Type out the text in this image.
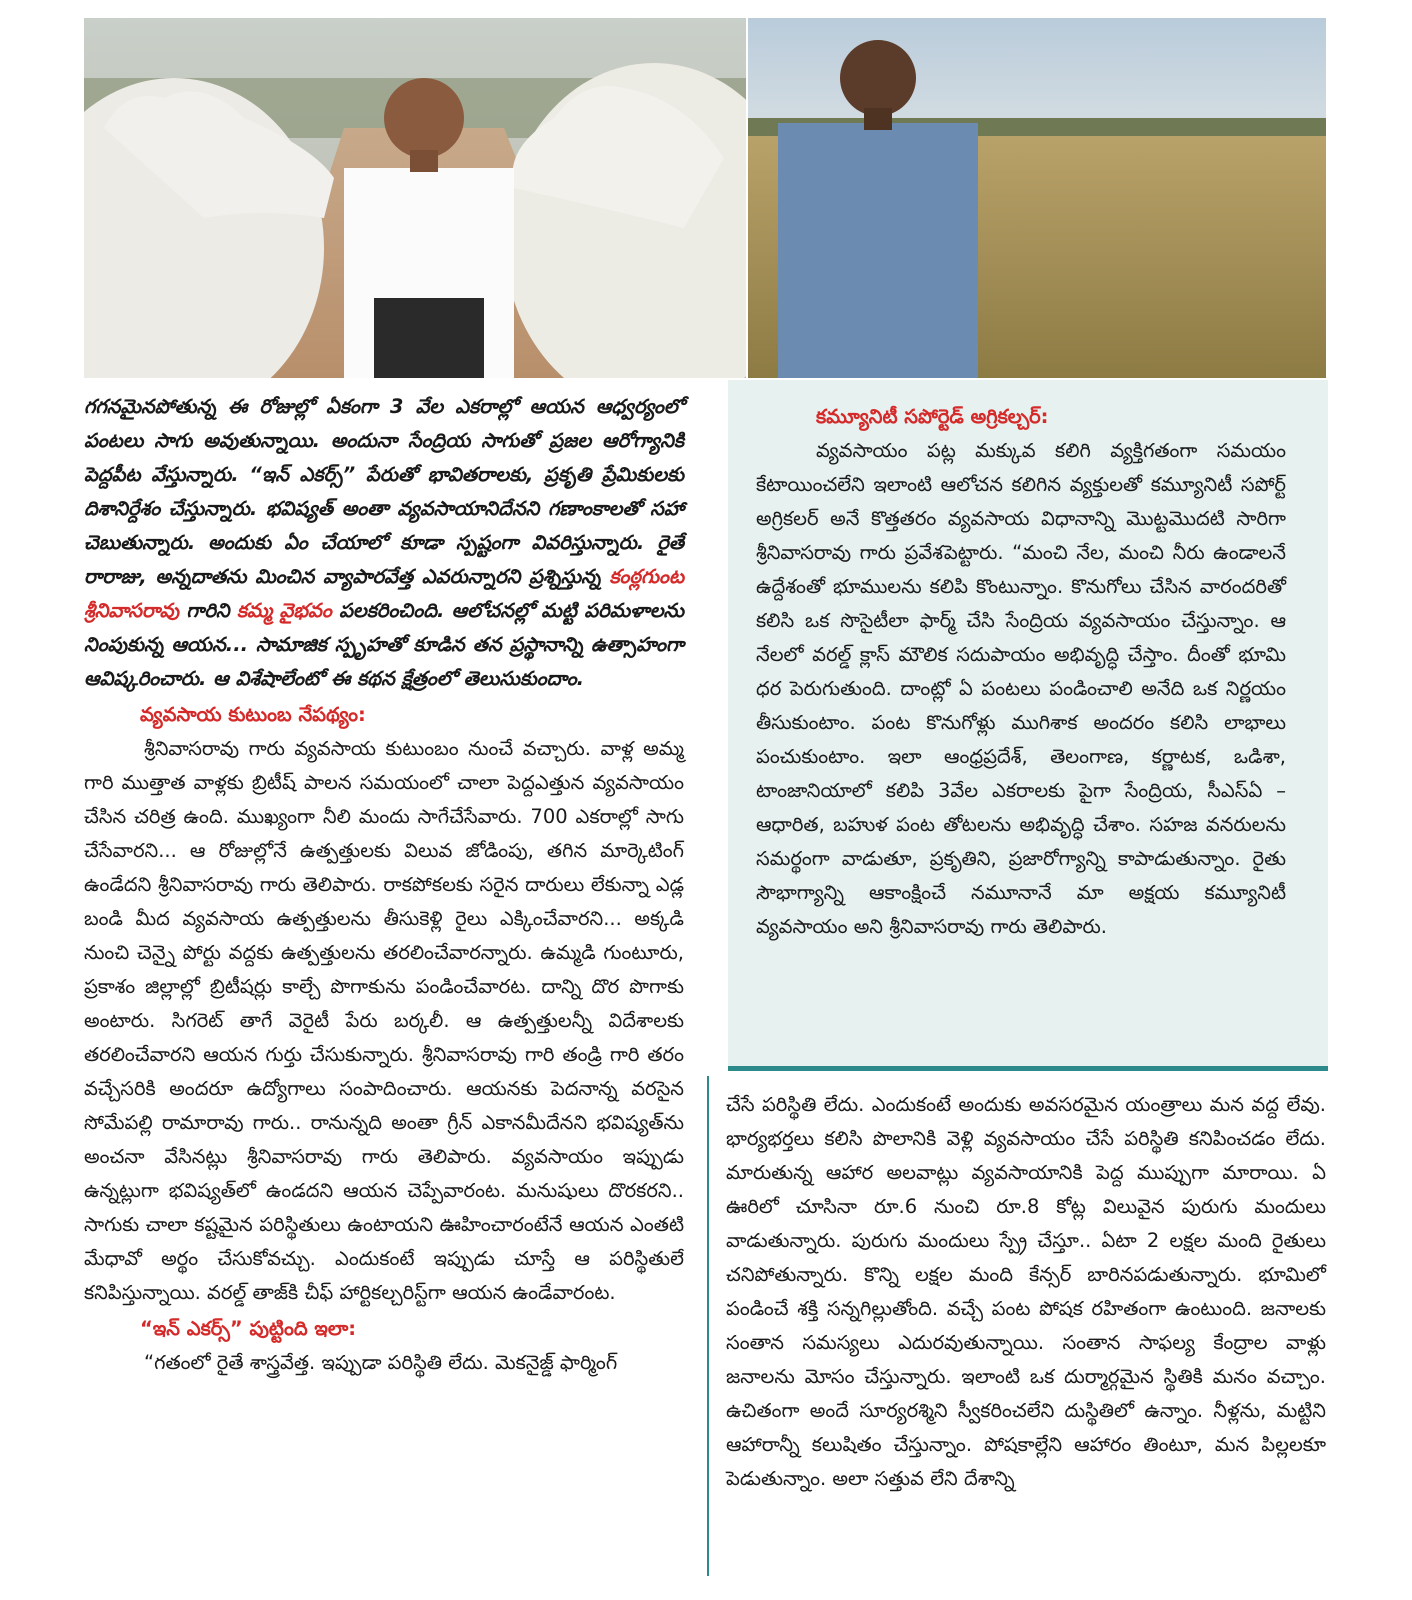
గగనమైనపోతున్న ఈ రోజుల్లో ఏకంగా 3 వేల ఎకరాల్లో ఆయన ఆధ్వర్యంలో పంటలు సాగు అవుతున్నాయి. అందునా సేంద్రియ సాగుతో ప్రజల ఆరోగ్యానికి పెద్దపీట వేస్తున్నారు. “ఇన్ ఎకర్స్” పేరుతో భావితరాలకు, ప్రకృతి ప్రేమికులకు దిశానిర్దేశం చేస్తున్నారు. భవిష్యత్ అంతా వ్యవసాయానిదేనని గణాంకాలతో సహా చెబుతున్నారు. అందుకు ఏం చేయాలో కూడా స్పష్టంగా వివరిస్తున్నారు. రైతే రారాజు, అన్నదాతను మించిన వ్యాపారవేత్త ఎవరున్నారని ప్రశ్నిస్తున్న కంఠ్లగుంట శ్రీనివాసరావు గారిని కమ్మ వైభవం పలకరించింది. ఆలోచనల్లో మట్టి పరిమళాలను నింపుకున్న ఆయన... సామాజిక స్పృహతో కూడిన తన ప్రస్థానాన్ని ఉత్సాహంగా ఆవిష్కరించారు. ఆ విశేషాలేంటో ఈ కథన క్షేత్రంలో తెలుసుకుందాం.

వ్యవసాయ కుటుంబ నేపథ్యం:

శ్రీనివాసరావు గారు వ్యవసాయ కుటుంబం నుంచే వచ్చారు. వాళ్ల అమ్మ గారి ముత్తాత వాళ్లకు బ్రిటీష్ పాలన సమయంలో చాలా పెద్దఎత్తున వ్యవసాయం చేసిన చరిత్ర ఉంది. ముఖ్యంగా నీలి మందు సాగేచేసేవారు. 700 ఎకరాల్లో సాగు చేసేవారని... ఆ రోజుల్లోనే ఉత్పత్తులకు విలువ జోడింపు, తగిన మార్కెటింగ్ ఉండేదని శ్రీనివాసరావు గారు తెలిపారు. రాకపోకలకు సరైన దారులు లేకున్నా ఎడ్ల బండి మీద వ్యవసాయ ఉత్పత్తులను తీసుకెళ్లి రైలు ఎక్కించేవారని... అక్కడి నుంచి చెన్నై పోర్టు వద్దకు ఉత్పత్తులను తరలించేవారన్నారు. ఉమ్మడి గుంటూరు, ప్రకాశం జిల్లాల్లో బ్రిటీషర్లు కాల్చే పొగాకును పండించేవారట. దాన్ని దొర పొగాకు అంటారు. సిగరెట్ తాగే వెరైటీ పేరు బర్కలీ. ఆ ఉత్పత్తులన్నీ విదేశాలకు తరలించేవారని ఆయన గుర్తు చేసుకున్నారు. శ్రీనివాసరావు గారి తండ్రి గారి తరం వచ్చేసరికి అందరూ ఉద్యోగాలు సంపాదించారు. ఆయనకు పెదనాన్న వరసైన సోమేపల్లి రామారావు గారు.. రానున్నది అంతా గ్రీన్ ఎకానమీదేనని భవిష్యత్‌ను అంచనా వేసినట్లు శ్రీనివాసరావు గారు తెలిపారు. వ్యవసాయం ఇప్పుడు ఉన్నట్లుగా భవిష్యత్‌లో ఉండదని ఆయన చెప్పేవారంట. మనుషులు దొరకరని.. సాగుకు చాలా కష్టమైన పరిస్థితులు ఉంటాయని ఊహించారంటేనే ఆయన ఎంతటి మేధావో అర్థం చేసుకోవచ్చు. ఎందుకంటే ఇప్పుడు చూస్తే ఆ పరిస్థితులే కనిపిస్తున్నాయి. వరల్డ్ తాజ్‌కి చీఫ్ హార్టికల్చరిస్ట్‌గా ఆయన ఉండేవారంట.

“ఇన్ ఎకర్స్” పుట్టింది ఇలా:

“గతంలో రైతే శాస్త్రవేత్త. ఇప్పుడా పరిస్థితి లేదు. మెకనైజ్డ్ ఫార్మింగ్

కమ్యూనిటీ సపోర్టెడ్ అగ్రికల్చర్:

వ్యవసాయం పట్ల మక్కువ కలిగి వ్యక్తిగతంగా సమయం కేటాయించలేని ఇలాంటి ఆలోచన కలిగిన వ్యక్తులతో కమ్యూనిటీ సపోర్ట్ అగ్రికలర్ అనే కొత్తతరం వ్యవసాయ విధానాన్ని మొట్టమొదటి సారిగా శ్రీనివాసరావు గారు ప్రవేశపెట్టారు. “మంచి నేల, మంచి నీరు ఉండాలనే ఉద్దేశంతో భూములను కలిపి కొంటున్నాం. కొనుగోలు చేసిన వారందరితో కలిసి ఒక సొసైటీలా ఫార్మ్ చేసి సేంద్రియ వ్యవసాయం చేస్తున్నాం. ఆ నేలలో వరల్డ్ క్లాస్ మౌలిక సదుపాయం అభివృద్ధి చేస్తాం. దీంతో భూమి ధర పెరుగుతుంది. దాంట్లో ఏ పంటలు పండించాలి అనేది ఒక నిర్ణయం తీసుకుంటాం. పంట కొనుగోళ్లు ముగిశాక అందరం కలిసి లాభాలు పంచుకుంటాం. ఇలా ఆంధ్రప్రదేశ్, తెలంగాణ, కర్ణాటక, ఒడిశా, టాంజానియాలో కలిపి 3వేల ఎకరాలకు పైగా సేంద్రియ, సీఎస్‌ఏ –ఆధారిత, బహుళ పంట తోటలను అభివృద్ధి చేశాం. సహజ వనరులను సమర్థంగా వాడుతూ, ప్రకృతిని, ప్రజారోగ్యాన్ని కాపాడుతున్నాం. రైతు సౌభాగ్యాన్ని ఆకాంక్షించే నమూనానే మా అక్షయ కమ్యూనిటీ వ్యవసాయం అని శ్రీనివాసరావు గారు తెలిపారు.

చేసే పరిస్థితి లేదు. ఎందుకంటే అందుకు అవసరమైన యంత్రాలు మన వద్ద లేవు. భార్యభర్తలు కలిసి పొలానికి వెళ్లి వ్యవసాయం చేసే పరిస్థితి కనిపించడం లేదు. మారుతున్న ఆహార అలవాట్లు వ్యవసాయానికి పెద్ద ముప్పుగా మారాయి. ఏ ఊరిలో చూసినా రూ.6 నుంచి రూ.8 కోట్ల విలువైన పురుగు మందులు వాడుతున్నారు. పురుగు మందులు స్ప్రే చేస్తూ.. ఏటా 2 లక్షల మంది రైతులు చనిపోతున్నారు. కొన్ని లక్షల మంది కేన్సర్ బారినపడుతున్నారు. భూమిలో పండించే శక్తి సన్నగిల్లుతోంది. వచ్చే పంట పోషక రహితంగా ఉంటుంది. జనాలకు సంతాన సమస్యలు ఎదురవుతున్నాయి. సంతాన సాఫల్య కేంద్రాల వాళ్లు జనాలను మోసం చేస్తున్నారు. ఇలాంటి ఒక దుర్మార్గమైన స్థితికి మనం వచ్చాం. ఉచితంగా అందే సూర్యరశ్మిని స్వీకరించలేని దుస్థితిలో ఉన్నాం. నీళ్లను, మట్టిని ఆహారాన్నీ కలుషితం చేస్తున్నాం. పోషకాల్లేని ఆహారం తింటూ, మన పిల్లలకూ పెడుతున్నాం. అలా సత్తువ లేని దేశాన్ని
